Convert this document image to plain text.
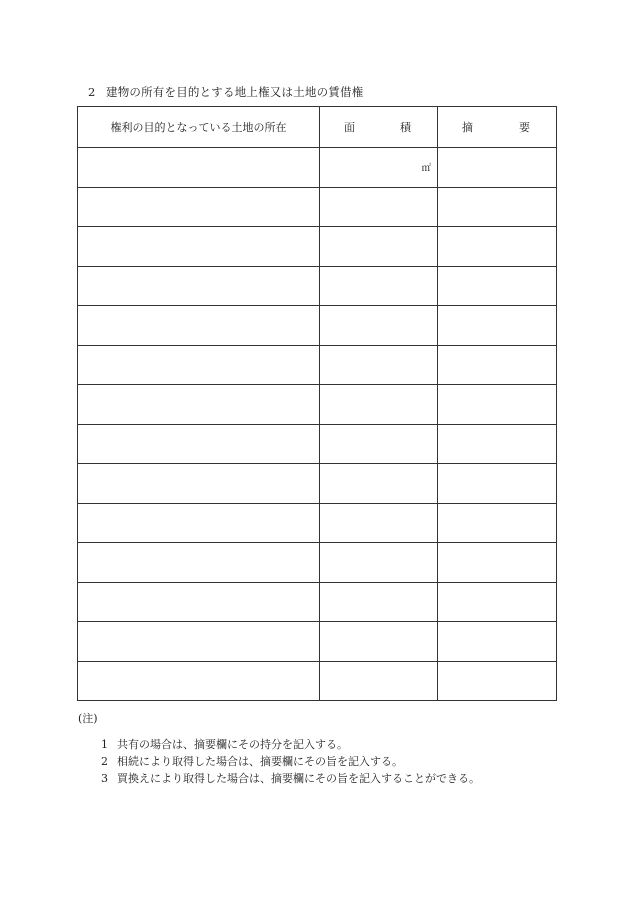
2 建物の所有を目的とする地上権又は土地の賃借権
権利の目的となっている土地の所在	面 積	摘 要

	㎡	

(注)
1 共有の場合は、摘要欄にその持分を記入する。
2 相続により取得した場合は、摘要欄にその旨を記入する。
3 買換えにより取得した場合は、摘要欄にその旨を記入することができる。
